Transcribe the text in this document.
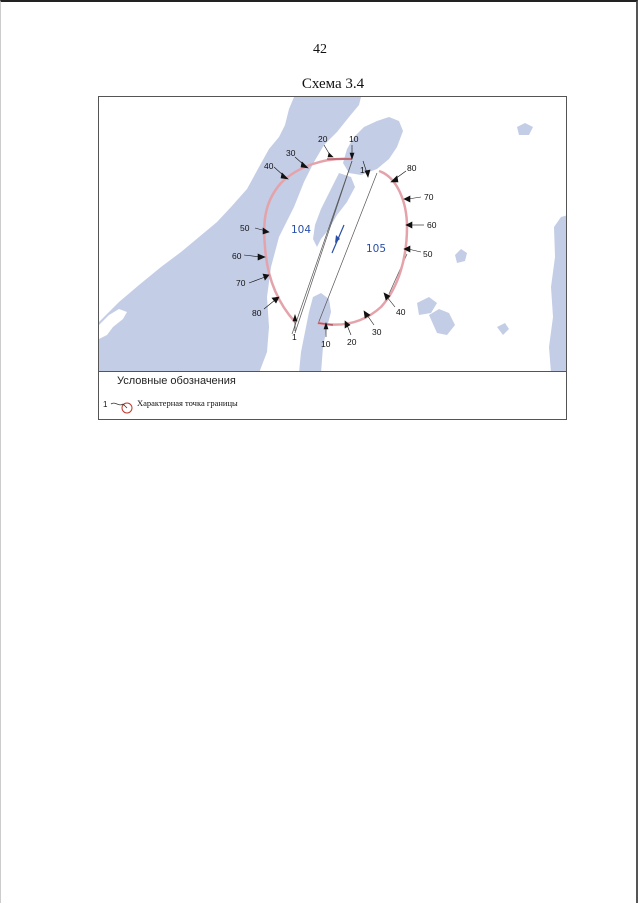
42
Схема 3.4
104
105
20	10
30
40
50
60
70
80
1
1	80
70
60
50
40
30
20
10
Условные обозначения
1	Характерная точка границы
